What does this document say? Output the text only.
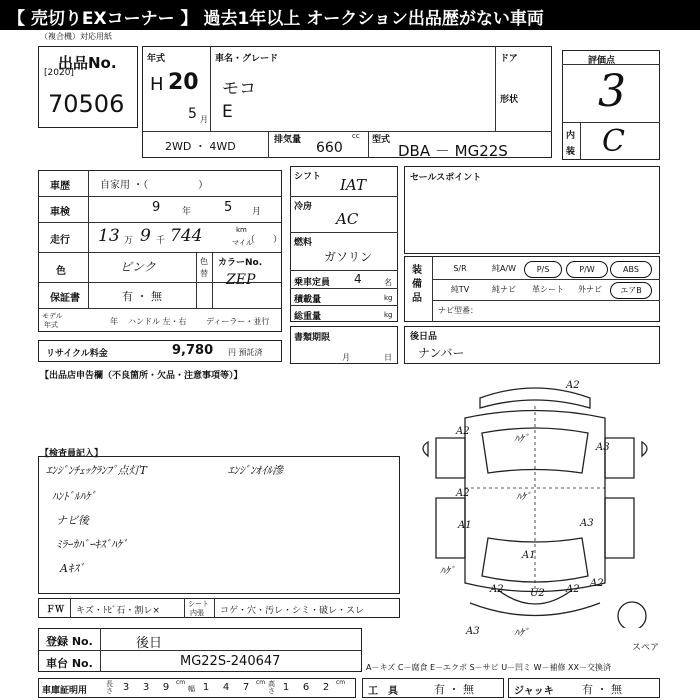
【 売切りEXコーナー 】 過去1年以上 オークション出品歴がない車両
（複合機）対応用紙
出品No.
[2020]
70506
年式
H 20
5 月
車名・グレード
モコ
E
ドア
形状
2WD ・ 4WD	排気量	cc
660	型式
DBA － MG22S
評価点
3
内
装 C
車歴	自家用 ・（　　　　　）
車検	9 年	5 月
走行 13 万 9 千 744	km
マイル
（　　）
色	ピンク	色
替
カラーNo.
ZEP
保証書	有 ・ 無
モデル
年式	年 ハンドル 左・右 ディーラー・並行
リサイクル料金	9,780 円 預託済
シフト IAT
冷房
AC
燃料
ガソリン
乗車定員 4	名
積載量	kg
総重量	kg
書類期限
月	日
セールスポイント
装備品
S/R	純A/W	P/S	P/W	ABS
純TV	純ナビ	革シート	外ナビ	エアB
ナビ型番：
後日品
ナンバー
【出品店申告欄（不良箇所・欠品・注意事項等）】
【検査員記入】
ｴﾝｼﾞﾝﾁｪｯｸﾗﾝﾌﾟ点灯T	ｴﾝｼﾞﾝｵｲﾙ滲
ﾊﾝﾄﾞﾙﾊｹﾞ
ナビ後
ﾐﾗｰｶﾊﾞｰｷｽﾞﾊｹﾞ
Aｷｽﾞ
A2
A2
ﾊｹﾞ
A3
A2	ﾊｹﾞ
A3
A1
A1
ﾊｹﾞ
A2	U2 A2
A2
A3	ﾊｹﾞ
スペア
ＦＷ キズ・ﾄﾋﾞ石・割レ×
シート
内張 コゲ・穴・汚レ・シミ・破レ・スレ
登録 No.	後日
車台 No.	MG22S-240647	A－キズ C－腐食 E－エクボ S－サビ U－凹ミ W－補修 XX－交換済
車庫証明用
長さ 3	3	9	cm
幅 1	4	7	cm 高さ 1	6	2	cm
工　具	有 ・ 無	ジャッキ	有 ・ 無
